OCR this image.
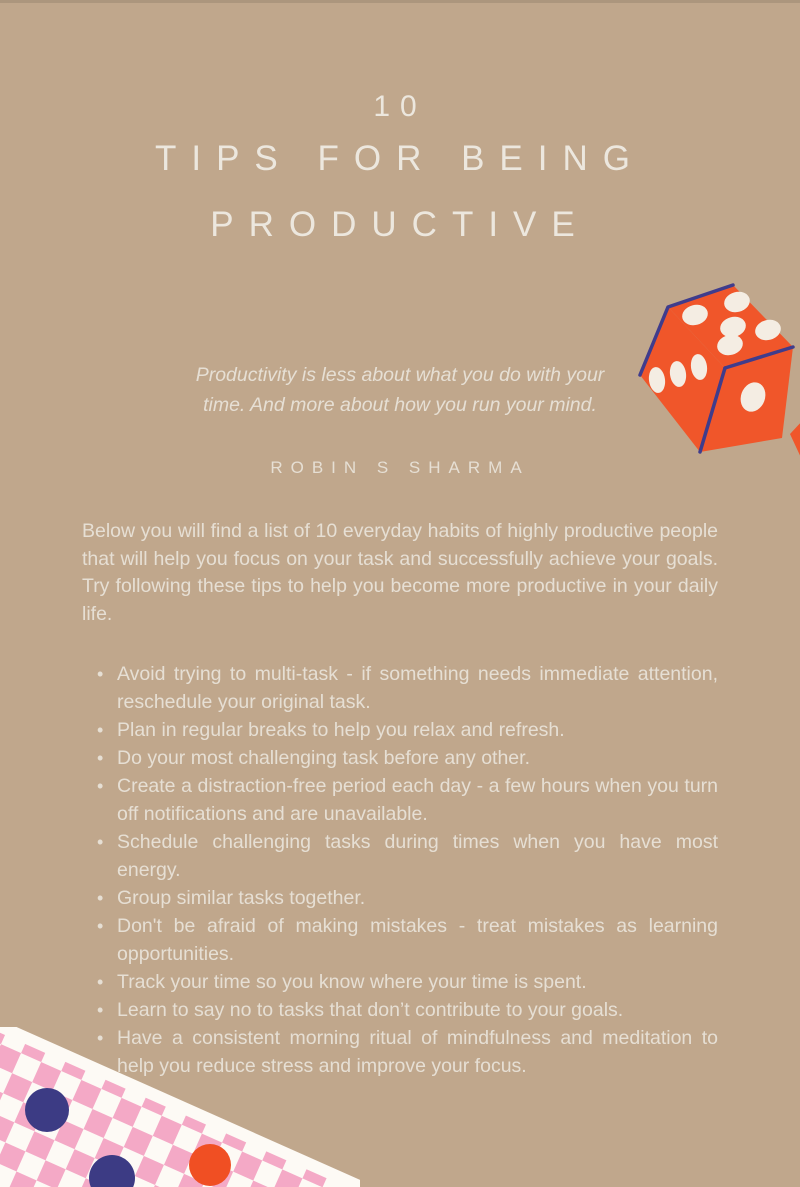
10
TIPS FOR BEING
PRODUCTIVE
Productivity is less about what you do with your
time. And more about how you run your mind.
ROBIN S SHARMA

Below you will find a list of 10 everyday habits of highly productive people that will help you focus on your task and successfully achieve your goals. Try following these tips to help you become more productive in your daily life.

• Avoid trying to multi-task - if something needs immediate attention, reschedule your original task.
• Plan in regular breaks to help you relax and refresh.
• Do your most challenging task before any other.
• Create a distraction-free period each day - a few hours when you turn off notifications and are unavailable.
• Schedule challenging tasks during times when you have most energy.
• Group similar tasks together.
• Don't be afraid of making mistakes - treat mistakes as learning opportunities.
• Track your time so you know where your time is spent.
• Learn to say no to tasks that don’t contribute to your goals.
• Have a consistent morning ritual of mindfulness and meditation to help you reduce stress and improve your focus.
